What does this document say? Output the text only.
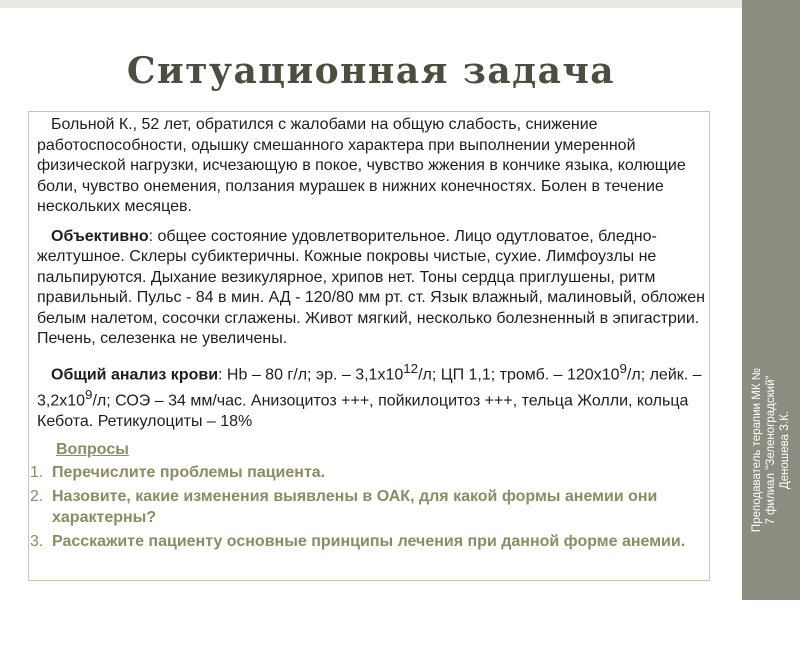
Ситуационная задача

Больной К., 52 лет, обратился с жалобами на общую слабость, снижение работоспособности, одышку смешанного характера при выполнении умеренной физической нагрузки, исчезающую в покое, чувство жжения в кончике языка, колющие боли, чувство онемения, ползания мурашек в нижних конечностях. Болен в течение нескольких месяцев.

Объективно: общее состояние удовлетворительное. Лицо одутловатое, бледно-желтушное. Склеры субиктеричны. Кожные покровы чистые, сухие. Лимфоузлы не пальпируются. Дыхание везикулярное, хрипов нет. Тоны сердца приглушены, ритм правильный. Пульс - 84 в мин. АД - 120/80 мм рт. ст. Язык влажный, малиновый, обложен белым налетом, сосочки сглажены. Живот мягкий, несколько болезненный в эпигастрии. Печень, селезенка не увеличены.

Общий анализ крови: Hb – 80 г/л; эр. – $3,1x10^{12}/л$; ЦП 1,1; тромб. – $120x10^9/л$; лейк. – $3,2x10^9/л$; СОЭ – 34 мм/час. Анизоцитоз +++, пойкилоцитоз +++, тельца Жолли, кольца Кебота. Ретикулоциты – 18%

Вопросы
1. Перечислите проблемы пациента.
2. Назовите, какие изменения выявлены в ОАК, для какой формы анемии они характерны?
3. Расскажите пациенту основные принципы лечения при данной форме анемии.
Преподаватель терапии МК № 7 филиал "Зеленоградский" Деношева З.К.
